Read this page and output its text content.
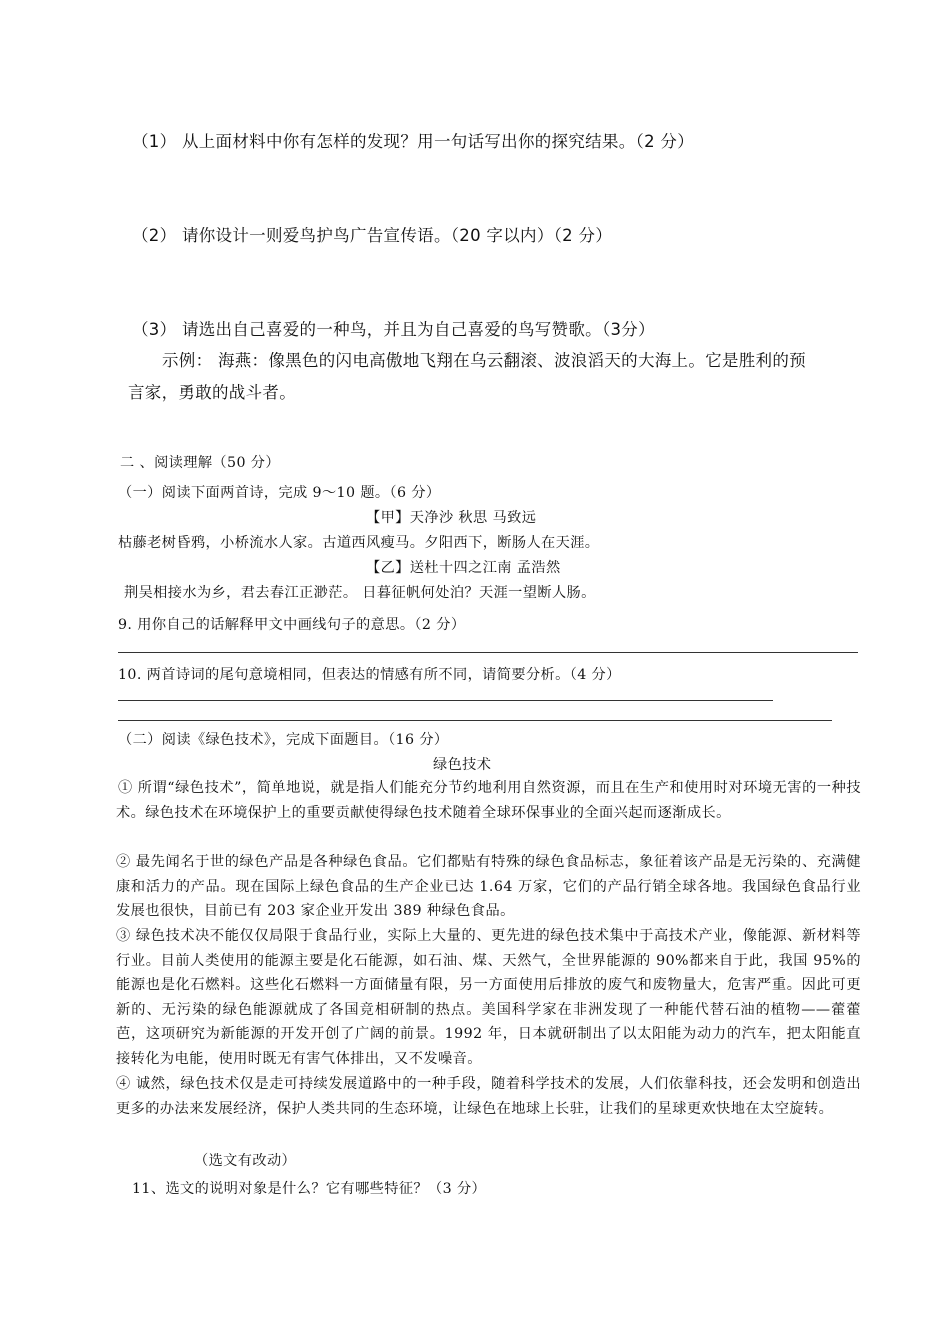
（1） 从上面材料中你有怎样的发现？用一句话写出你的探究结果。（2 分）
（2） 请你设计一则爱鸟护鸟广告宣传语。（20 字以内）（2 分）
（3） 请选出自己喜爱的一种鸟，并且为自己喜爱的鸟写赞歌。（3分）
示例： 海燕：像黑色的闪电高傲地飞翔在乌云翻滚、波浪滔天的大海上。它是胜利的预
言家，勇敢的战斗者。
二 、阅读理解（50 分）
（一）阅读下面两首诗，完成 9～10 题。（6 分）
【甲】天净沙 秋思 马致远
枯藤老树昏鸦，小桥流水人家。古道西风瘦马。夕阳西下，断肠人在天涯。
【乙】送杜十四之江南 孟浩然
荆吴相接水为乡，君去春江正渺茫。 日暮征帆何处泊？天涯一望断人肠。
9. 用你自己的话解释甲文中画线句子的意思。（2 分）
10. 两首诗词的尾句意境相同，但表达的情感有所不同，请简要分析。（4 分）
（二）阅读《绿色技术》，完成下面题目。（16 分）
绿色技术
① 所谓“绿色技术”，简单地说，就是指人们能充分节约地利用自然资源，而且在生产和使用时对环境无害的一种技术。绿色技术在环境保护上的重要贡献使得绿色技术随着全球环保事业的全面兴起而逐渐成长。
② 最先闻名于世的绿色产品是各种绿色食品。它们都贴有特殊的绿色食品标志，象征着该产品是无污染的、充满健康和活力的产品。现在国际上绿色食品的生产企业已达 1.64 万家，它们的产品行销全球各地。我国绿色食品行业发展也很快，目前已有 203 家企业开发出 389 种绿色食品。
③ 绿色技术决不能仅仅局限于食品行业，实际上大量的、更先进的绿色技术集中于高技术产业，像能源、新材料等行业。目前人类使用的能源主要是化石能源，如石油、煤、天然气，全世界能源的 90%都来自于此，我国 95%的能源也是化石燃料。这些化石燃料一方面储量有限，另一方面使用后排放的废气和废物量大，危害严重。因此可更新的、无污染的绿色能源就成了各国竞相研制的热点。美国科学家在非洲发现了一种能代替石油的植物——藿藿芭，这项研究为新能源的开发开创了广阔的前景。1992 年，日本就研制出了以太阳能为动力的汽车，把太阳能直接转化为电能，使用时既无有害气体排出，又不发噪音。
④ 诚然，绿色技术仅是走可持续发展道路中的一种手段，随着科学技术的发展，人们依靠科技，还会发明和创造出更多的办法来发展经济，保护人类共同的生态环境，让绿色在地球上长驻，让我们的星球更欢快地在太空旋转。
（选文有改动）
11、选文的说明对象是什么？它有哪些特征？（3 分）
